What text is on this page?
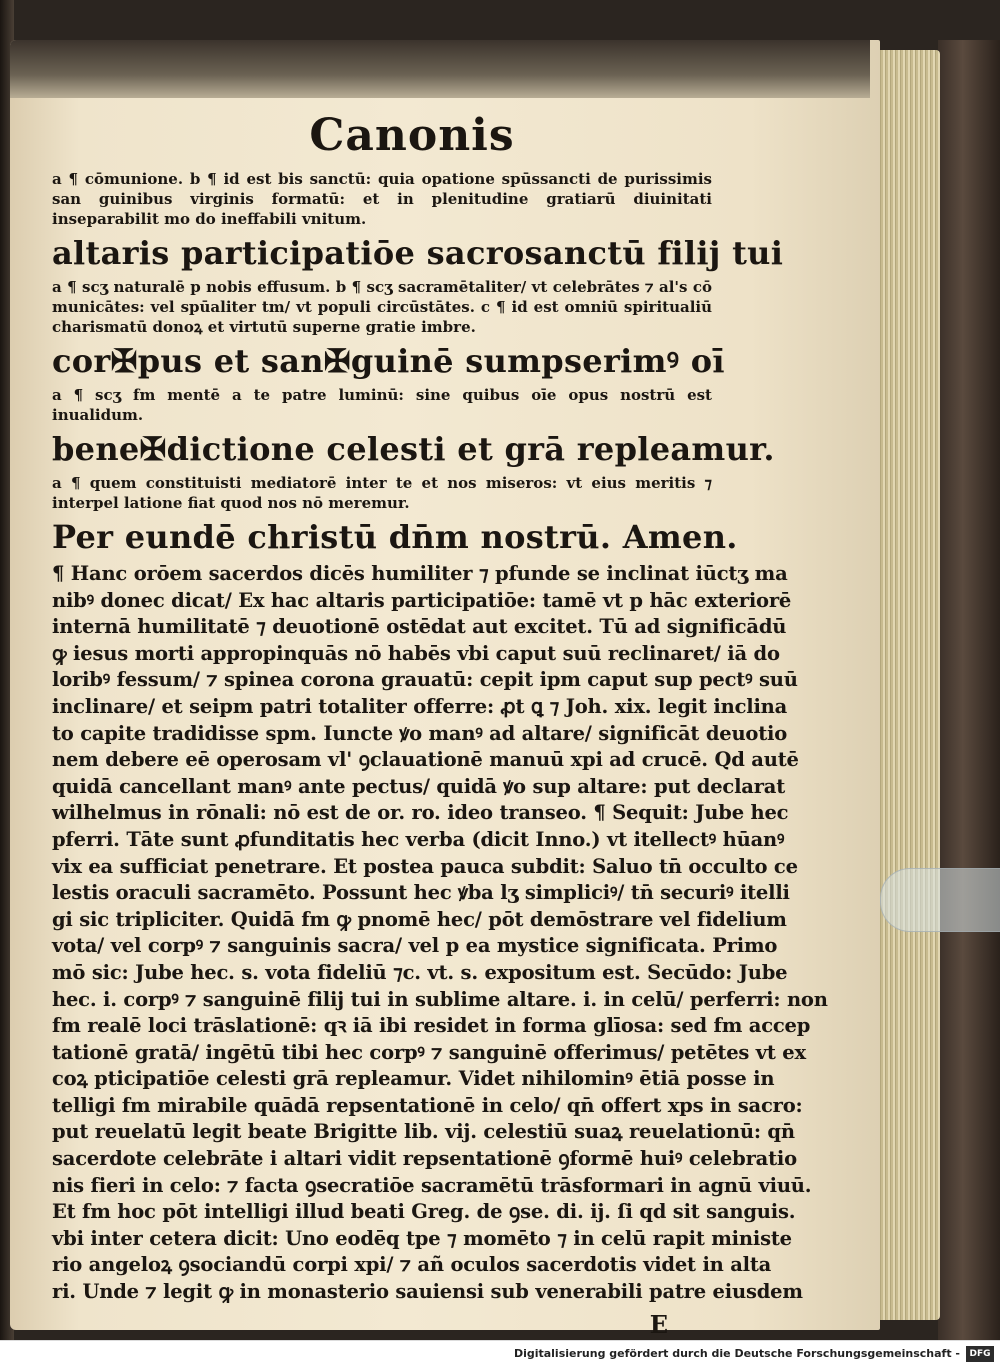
Canonis

a ¶ cōmunione. b ¶ id est bis sanctū: quia opatione spūssancti de purissimis san guinibus virginis formatū: et in plenitudine gratiarū diuinitati inseparabilit mo do ineffabili vnitum.

altaris participatiōe sacrosanctū filij tui

a ¶ scʒ naturalē p nobis effusum. b ¶ scʒ sacramētaliter/ vt celebrātes ⁊ al's cō municātes: vel spūaliter tm/ vt populi circūstātes. c ¶ id est omniū spiritualiū charismatū donoꝝ et virtutū superne gratie imbre.

cor✠pus et san✠guinē sumpserimꝰ oī

a ¶ scʒ fm mentē a te patre luminū: sine quibus oīe opus nostrū est inualidum.

bene✠dictione celesti et grā repleamur.

a ¶ quem constituisti mediatorē inter te et nos miseros: vt eius meritis ⁊ interpel latione fiat quod nos nō meremur.

Per eundē christū dn̄m nostrū. Amen.
¶ Hanc orōem sacerdos dicēs humiliter ⁊ pfunde se inclinat iūctʒ ma
nibꝰ donec dicat/ Ex hac altaris participatiōe: tamē vt p hāc exteriorē
internā humilitatē ⁊ deuotionē ostēdat aut excitet. Tū ad significādū
ꝙ iesus morti appropinquās nō habēs vbi caput suū reclinaret/ iā do
loribꝰ fessum/ ⁊ spinea corona grauatū: cepit ipm caput sup pectꝰ suū
inclinare/ et seipm patri totaliter offerre: ꝓt ꝗ ⁊ Joh. xix. legit inclina
to capite tradidisse spm. Iuncte ꝟo manꝰ ad altare/ significāt deuotio
nem debere eē operosam vl' ꝯclauationē manuū xpi ad crucē. Qd autē
quidā cancellant manꝰ ante pectus/ quidā ꝟo sup altare: put declarat
wilhelmus in rōnali: nō est de or. ro. ideo transeo. ¶ Sequit: Jube hec
pferri. Tāte sunt ꝓfunditatis hec verba (dicit Inno.) vt itellectꝰ hūanꝰ
vix ea sufficiat penetrare. Et postea pauca subdit: Saluo tn̄ occulto ce
lestis oraculi sacramēto. Possunt hec ꝟba lʒ simpliciꝰ/ tn̄ securiꝰ itelli
gi sic tripliciter. Quidā fm ꝙ pnomē hec/ pōt demōstrare vel fidelium
vota/ vel corpꝰ ⁊ sanguinis sacra/ vel p ea mystice significata. Primo
mō sic: Jube hec. s. vota fideliū ⁊c. vt. s. expositum est. Secūdo: Jube
hec. i. corpꝰ ⁊ sanguinē filij tui in sublime altare. i. in celū/ perferri: non
fm realē loci trāslationē: qꝛ iā ibi residet in forma glīosa: sed fm accep
tationē gratā/ ingētū tibi hec corpꝰ ⁊ sanguinē offerimus/ petētes vt ex
coꝝ pticipatiōe celesti grā repleamur. Videt nihilominꝰ ētiā posse in
telligi fm mirabile quādā repsentationē in celo/ qn̄ offert xps in sacro:
put reuelatū legit beate Brigitte lib. vij. celestiū suaꝝ reuelationū: qn̄
sacerdote celebrāte i altari vidit repsentationē ꝯformē huiꝰ celebratio
nis fieri in celo: ⁊ facta ꝯsecratiōe sacramētū trāsformari in agnū viuū.
Et fm hoc pōt intelligi illud beati Greg. de ꝯse. di. ij. ſi qd sit sanguis.
vbi inter cetera dicit: Uno eodēq tpe ⁊ momēto ⁊ in celū rapit ministe
rio angeloꝝ ꝯsociandū corpi xpi/ ⁊ añ oculos sacerdotis videt in alta
ri. Unde ⁊ legit ꝙ in monasterio sauiensi sub venerabili patre eiusdem
E
Digitalisierung gefördert durch die Deutsche Forschungsgemeinschaft -	DFG
